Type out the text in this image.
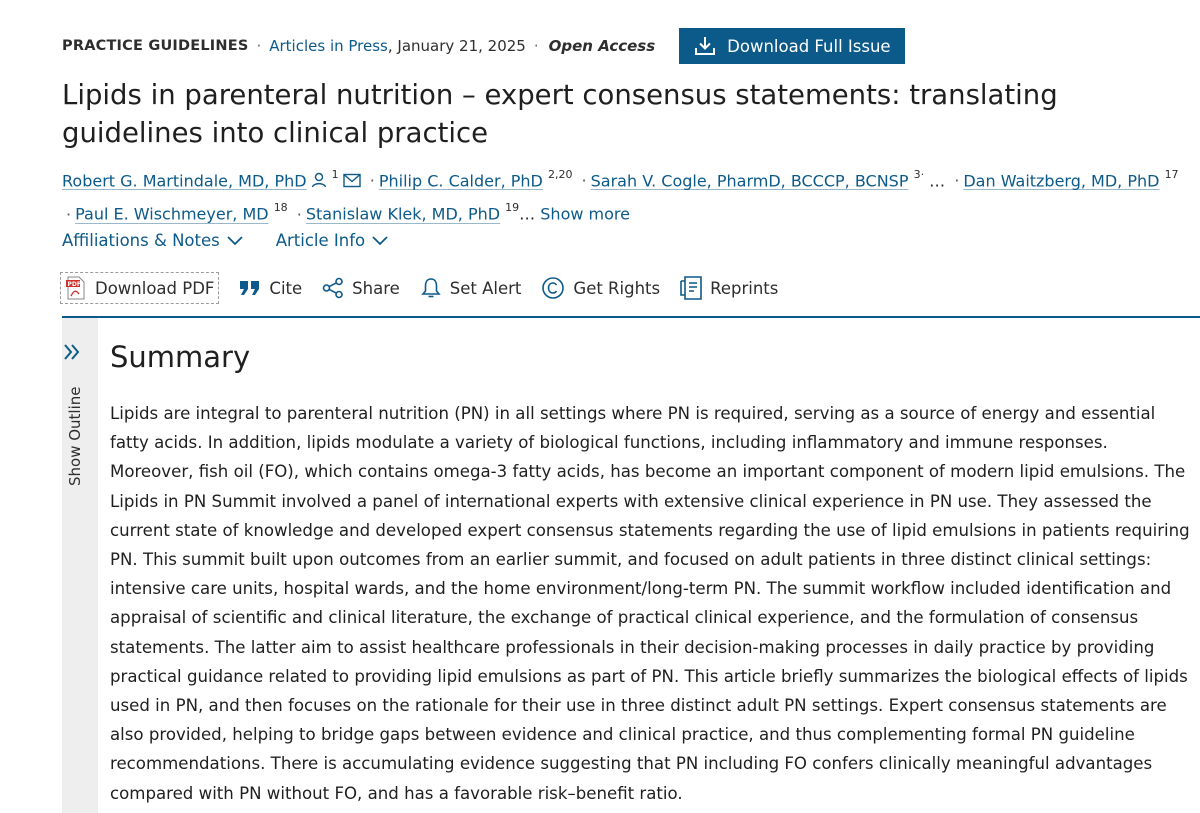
PRACTICE GUIDELINES · Articles in Press , January 21, 2025 · Open Access	Download Full Issue
Lipids in parenteral nutrition – expert consensus statements: translating guidelines into clinical practice
Robert G. Martindale, MD, PhD $^1$ · Philip C. Calder, PhD $^{2,20}$ · Sarah V. Cogle, PharmD, BCCCP, BCNSP $^{3\cdot}$ … · Dan Waitzberg, MD, PhD $^{17}$
· Paul E. Wischmeyer, MD $^{18}$ · Stanislaw Klek, MD, PhD $^{19}$… Show more
Affiliations & Notes	Article Info
PDF Download PDF	Cite	Share	Set Alert	Get Rights	Reprints
Show Outline
Summary

Lipids are integral to parenteral nutrition (PN) in all settings where PN is required, serving as a source of energy and essential fatty acids. In addition, lipids modulate a variety of biological functions, including inflammatory and immune responses. Moreover, fish oil (FO), which contains omega-3 fatty acids, has become an important component of modern lipid emulsions. The Lipids in PN Summit involved a panel of international experts with extensive clinical experience in PN use. They assessed the current state of knowledge and developed expert consensus statements regarding the use of lipid emulsions in patients requiring PN. This summit built upon outcomes from an earlier summit, and focused on adult patients in three distinct clinical settings: intensive care units, hospital wards, and the home environment/long-term PN. The summit workflow included identification and appraisal of scientific and clinical literature, the exchange of practical clinical experience, and the formulation of consensus statements. The latter aim to assist healthcare professionals in their decision-making processes in daily practice by providing practical guidance related to providing lipid emulsions as part of PN. This article briefly summarizes the biological effects of lipids used in PN, and then focuses on the rationale for their use in three distinct adult PN settings. Expert consensus statements are also provided, helping to bridge gaps between evidence and clinical practice, and thus complementing formal PN guideline recommendations. There is accumulating evidence suggesting that PN including FO confers clinically meaningful advantages compared with PN without FO, and has a favorable risk–benefit ratio.
